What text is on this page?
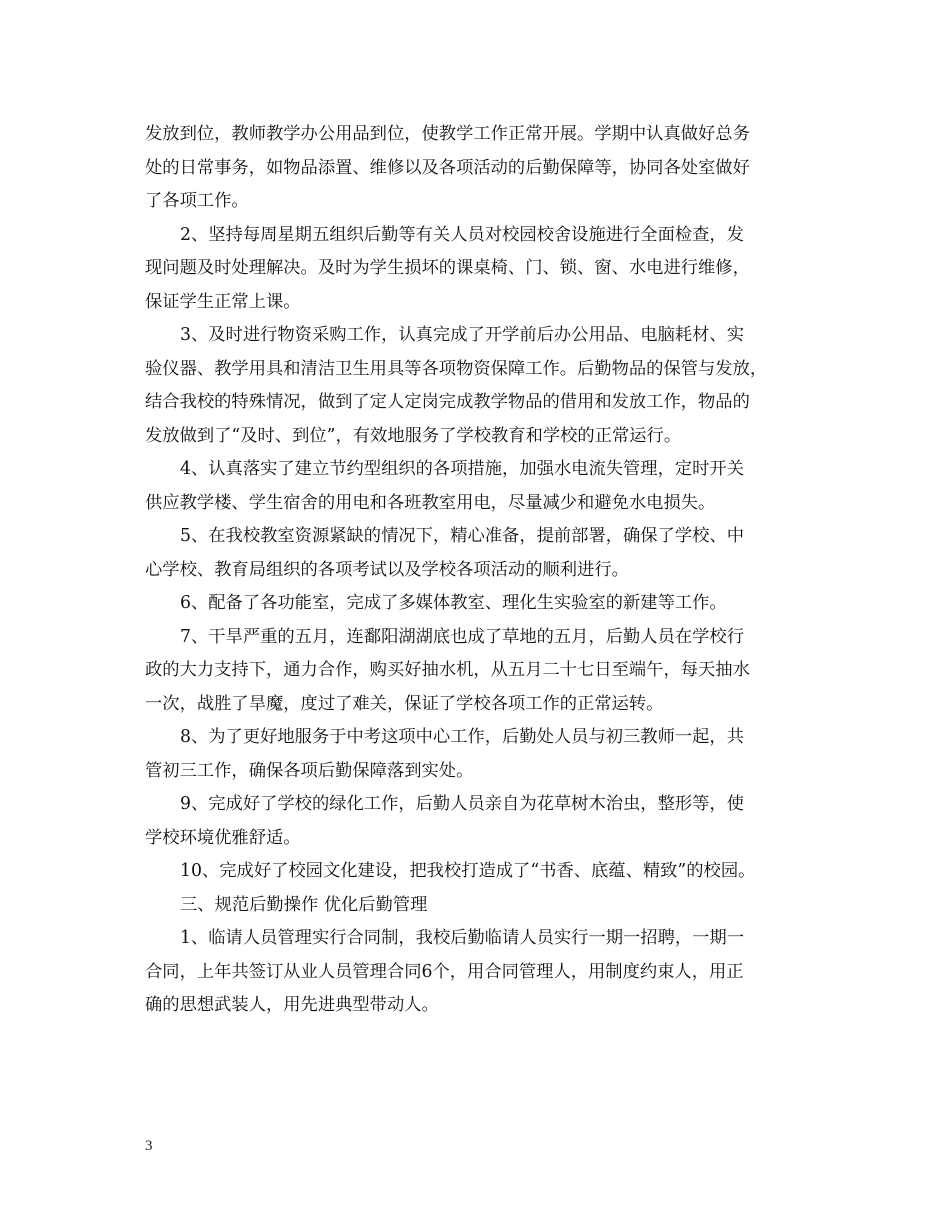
发放到位，教师教学办公用品到位，使教学工作正常开展。学期中认真做好总务
处的日常事务，如物品添置、维修以及各项活动的后勤保障等，协同各处室做好
了各项工作。
2、坚持每周星期五组织后勤等有关人员对校园校舍设施进行全面检查，发
现问题及时处理解决。及时为学生损坏的课桌椅、门、锁、窗、水电进行维修，
保证学生正常上课。
3、及时进行物资采购工作，认真完成了开学前后办公用品、电脑耗材、实
验仪器、教学用具和清洁卫生用具等各项物资保障工作。后勤物品的保管与发放，
结合我校的特殊情况，做到了定人定岗完成教学物品的借用和发放工作，物品的
发放做到了“及时、到位”，有效地服务了学校教育和学校的正常运行。
4、认真落实了建立节约型组织的各项措施，加强水电流失管理，定时开关
供应教学楼、学生宿舍的用电和各班教室用电，尽量减少和避免水电损失。
5、在我校教室资源紧缺的情况下，精心准备，提前部署，确保了学校、中
心学校、教育局组织的各项考试以及学校各项活动的顺利进行。
6、配备了各功能室，完成了多媒体教室、理化生实验室的新建等工作。
7、干旱严重的五月，连鄱阳湖湖底也成了草地的五月，后勤人员在学校行
政的大力支持下，通力合作，购买好抽水机，从五月二十七日至端午，每天抽水
一次，战胜了旱魔，度过了难关，保证了学校各项工作的正常运转。
8、为了更好地服务于中考这项中心工作，后勤处人员与初三教师一起，共
管初三工作，确保各项后勤保障落到实处。
9、完成好了学校的绿化工作，后勤人员亲自为花草树木治虫，整形等，使
学校环境优雅舒适。
10、完成好了校园文化建设，把我校打造成了“书香、底蕴、精致”的校园。
三、规范后勤操作 优化后勤管理
1、临请人员管理实行合同制，我校后勤临请人员实行一期一招聘，一期一
合同，上年共签订从业人员管理合同6个，用合同管理人，用制度约束人，用正
确的思想武装人，用先进典型带动人。
3
